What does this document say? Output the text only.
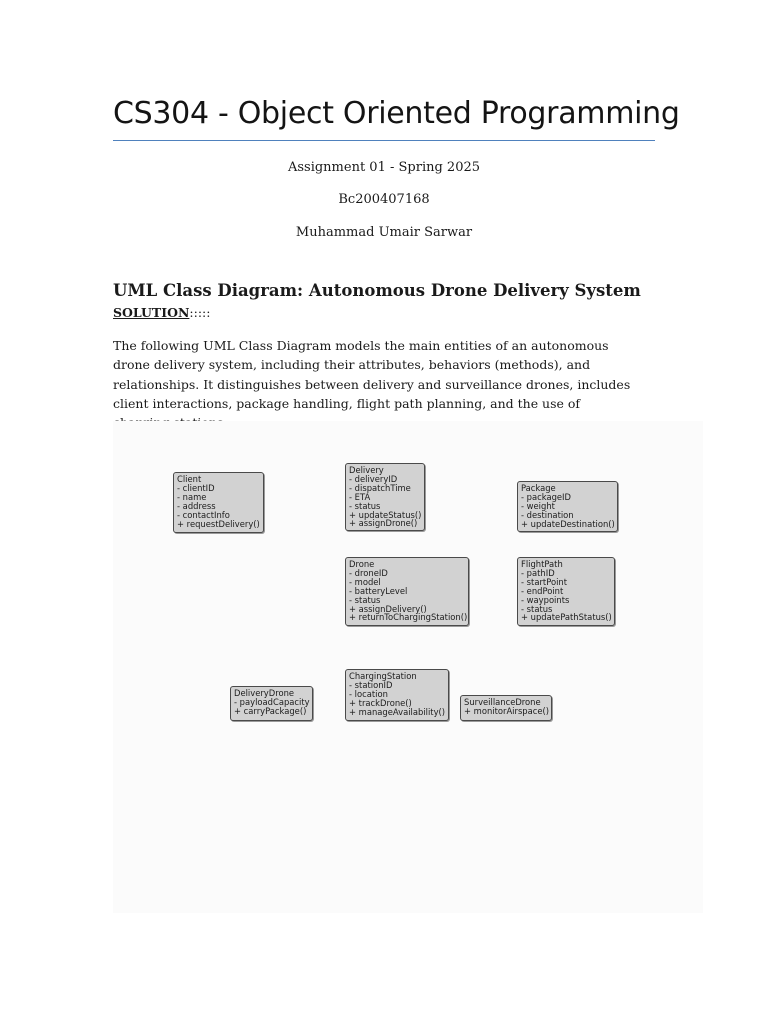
CS304 - Object Oriented Programming
Assignment 01 - Spring 2025
Bc200407168
Muhammad Umair Sarwar
UML Class Diagram: Autonomous Drone Delivery System
SOLUTION:::::

The following UML Class Diagram models the main entities of an autonomous drone delivery system, including their attributes, behaviors (methods), and relationships. It distinguishes between delivery and surveillance drones, includes client interactions, package handling, flight path planning, and the use of

Client
- clientID
- name
- address
- contactInfo
+ requestDelivery()
Delivery
- deliveryID
- dispatchTime
- ETA
- status
+ updateStatus()
+ assignDrone()
Package
- packageID
- weight
- destination
+ updateDestination()
Drone
- droneID
- model
- batteryLevel
- status
+ assignDelivery()
+ returnToChargingStation()
FlightPath
- pathID
- startPoint
- endPoint
- waypoints
- status
+ updatePathStatus()
DeliveryDrone
- payloadCapacity
+ carryPackage()
ChargingStation
- stationID
- location
+ trackDrone()
+ manageAvailability()
SurveillanceDrone
+ monitorAirspace()
